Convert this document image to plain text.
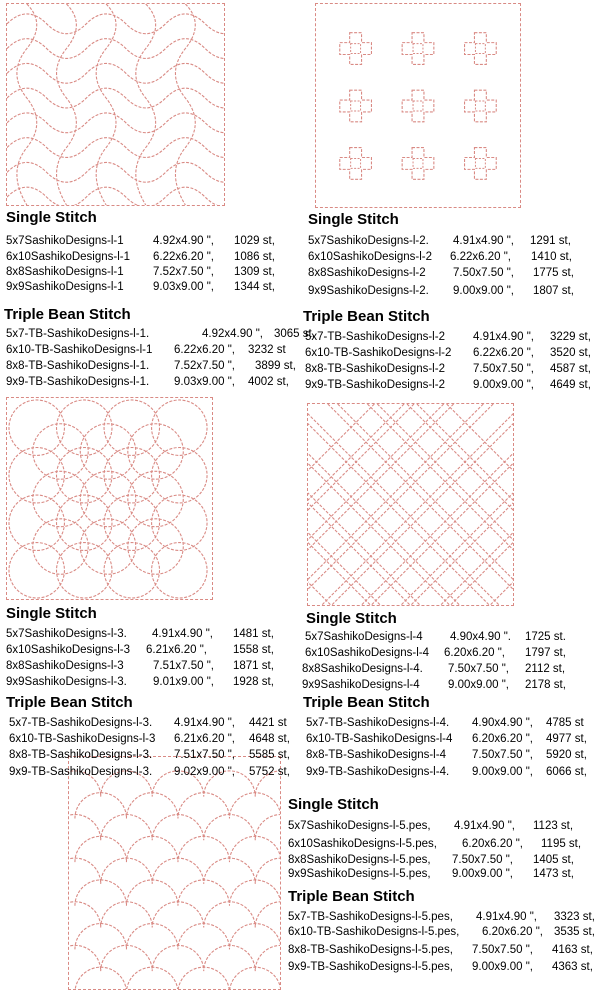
Single Stitch
5x7SashikoDesigns-l-1	4.92x4.90 ", 1029 st,
6x10SashikoDesigns-l-1 6.22x6.20 ", 1086 st,
8x8SashikoDesigns-l-1	7.52x7.50 ", 1309 st,
9x9SashikoDesigns-l-1	9.03x9.00 ", 1344 st,
Triple Bean Stitch
5x7-TB-SashikoDesigns-l-1.	4.92x4.90 ", 3065 st,
6x10-TB-SashikoDesigns-l-1 6.22x6.20 ", 3232 st
8x8-TB-SashikoDesigns-l-1. 7.52x7.50 ", 3899 st,
9x9-TB-SashikoDesigns-l-1. 9.03x9.00 ", 4002 st,
Single Stitch
5x7SashikoDesigns-l-2. 4.91x4.90 ", 1291 st,
6x10SashikoDesigns-l-2 6.22x6.20 ", 1410 st,
8x8SashikoDesigns-l-2 7.50x7.50 ", 1775 st,
9x9SashikoDesigns-l-2. 9.00x9.00 ", 1807 st,
Triple Bean Stitch
5x7-TB-SashikoDesigns-l-2 4.91x4.90 ", 3229 st,
6x10-TB-SashikoDesigns-l-2 6.22x6.20 ", 3520 st,
8x8-TB-SashikoDesigns-l-2 7.50x7.50 ", 4587 st,
9x9-TB-SashikoDesigns-l-2 9.00x9.00 ", 4649 st,
Single Stitch
5x7SashikoDesigns-l-3. 4.91x4.90 ", 1481 st,
6x10SashikoDesigns-l-3 6.21x6.20 ", 1558 st,
8x8SashikoDesigns-l-3	7.51x7.50 ", 1871 st,
9x9SashikoDesigns-l-3. 9.01x9.00 ", 1928 st,
Triple Bean Stitch
5x7-TB-SashikoDesigns-l-3. 4.91x4.90 ", 4421 st
6x10-TB-SashikoDesigns-l-3 6.21x6.20 ", 4648 st,
8x8-TB-SashikoDesigns-l-3. 7.51x7.50 ", 5585 st,
9x9-TB-SashikoDesigns-l-3. 9.02x9.00 ", 5752 st,
Single Stitch
5x7SashikoDesigns-l-4 4.90x4.90 ". 1725 st.
6x10SashikoDesigns-l-4 6.20x6.20 ", 1797 st,
8x8SashikoDesigns-l-4. 7.50x7.50 ", 2112 st,
9x9SashikoDesigns-l-4 9.00x9.00 ", 2178 st,
Triple Bean Stitch
5x7-TB-SashikoDesigns-l-4. 4.90x4.90 ", 4785 st
6x10-TB-SashikoDesigns-l-4 6.20x6.20 ", 4977 st,
8x8-TB-SashikoDesigns-l-4 7.50x7.50 ", 5920 st,
9x9-TB-SashikoDesigns-l-4. 9.00x9.00 ", 6066 st,
Single Stitch
5x7SashikoDesigns-l-5.pes, 4.91x4.90 ", 1123 st,
6x10SashikoDesigns-l-5.pes, 6.20x6.20 ", 1195 st,
8x8SashikoDesigns-l-5.pes, 7.50x7.50 ", 1405 st,
9x9SashikoDesigns-l-5.pes, 9.00x9.00 ", 1473 st,
Triple Bean Stitch
5x7-TB-SashikoDesigns-l-5.pes, 4.91x4.90 ", 3323 st,
6x10-TB-SashikoDesigns-l-5.pes, 6.20x6.20 ", 3535 st,
8x8-TB-SashikoDesigns-l-5.pes, 7.50x7.50 ", 4163 st,
9x9-TB-SashikoDesigns-l-5.pes, 9.00x9.00 ", 4363 st,
